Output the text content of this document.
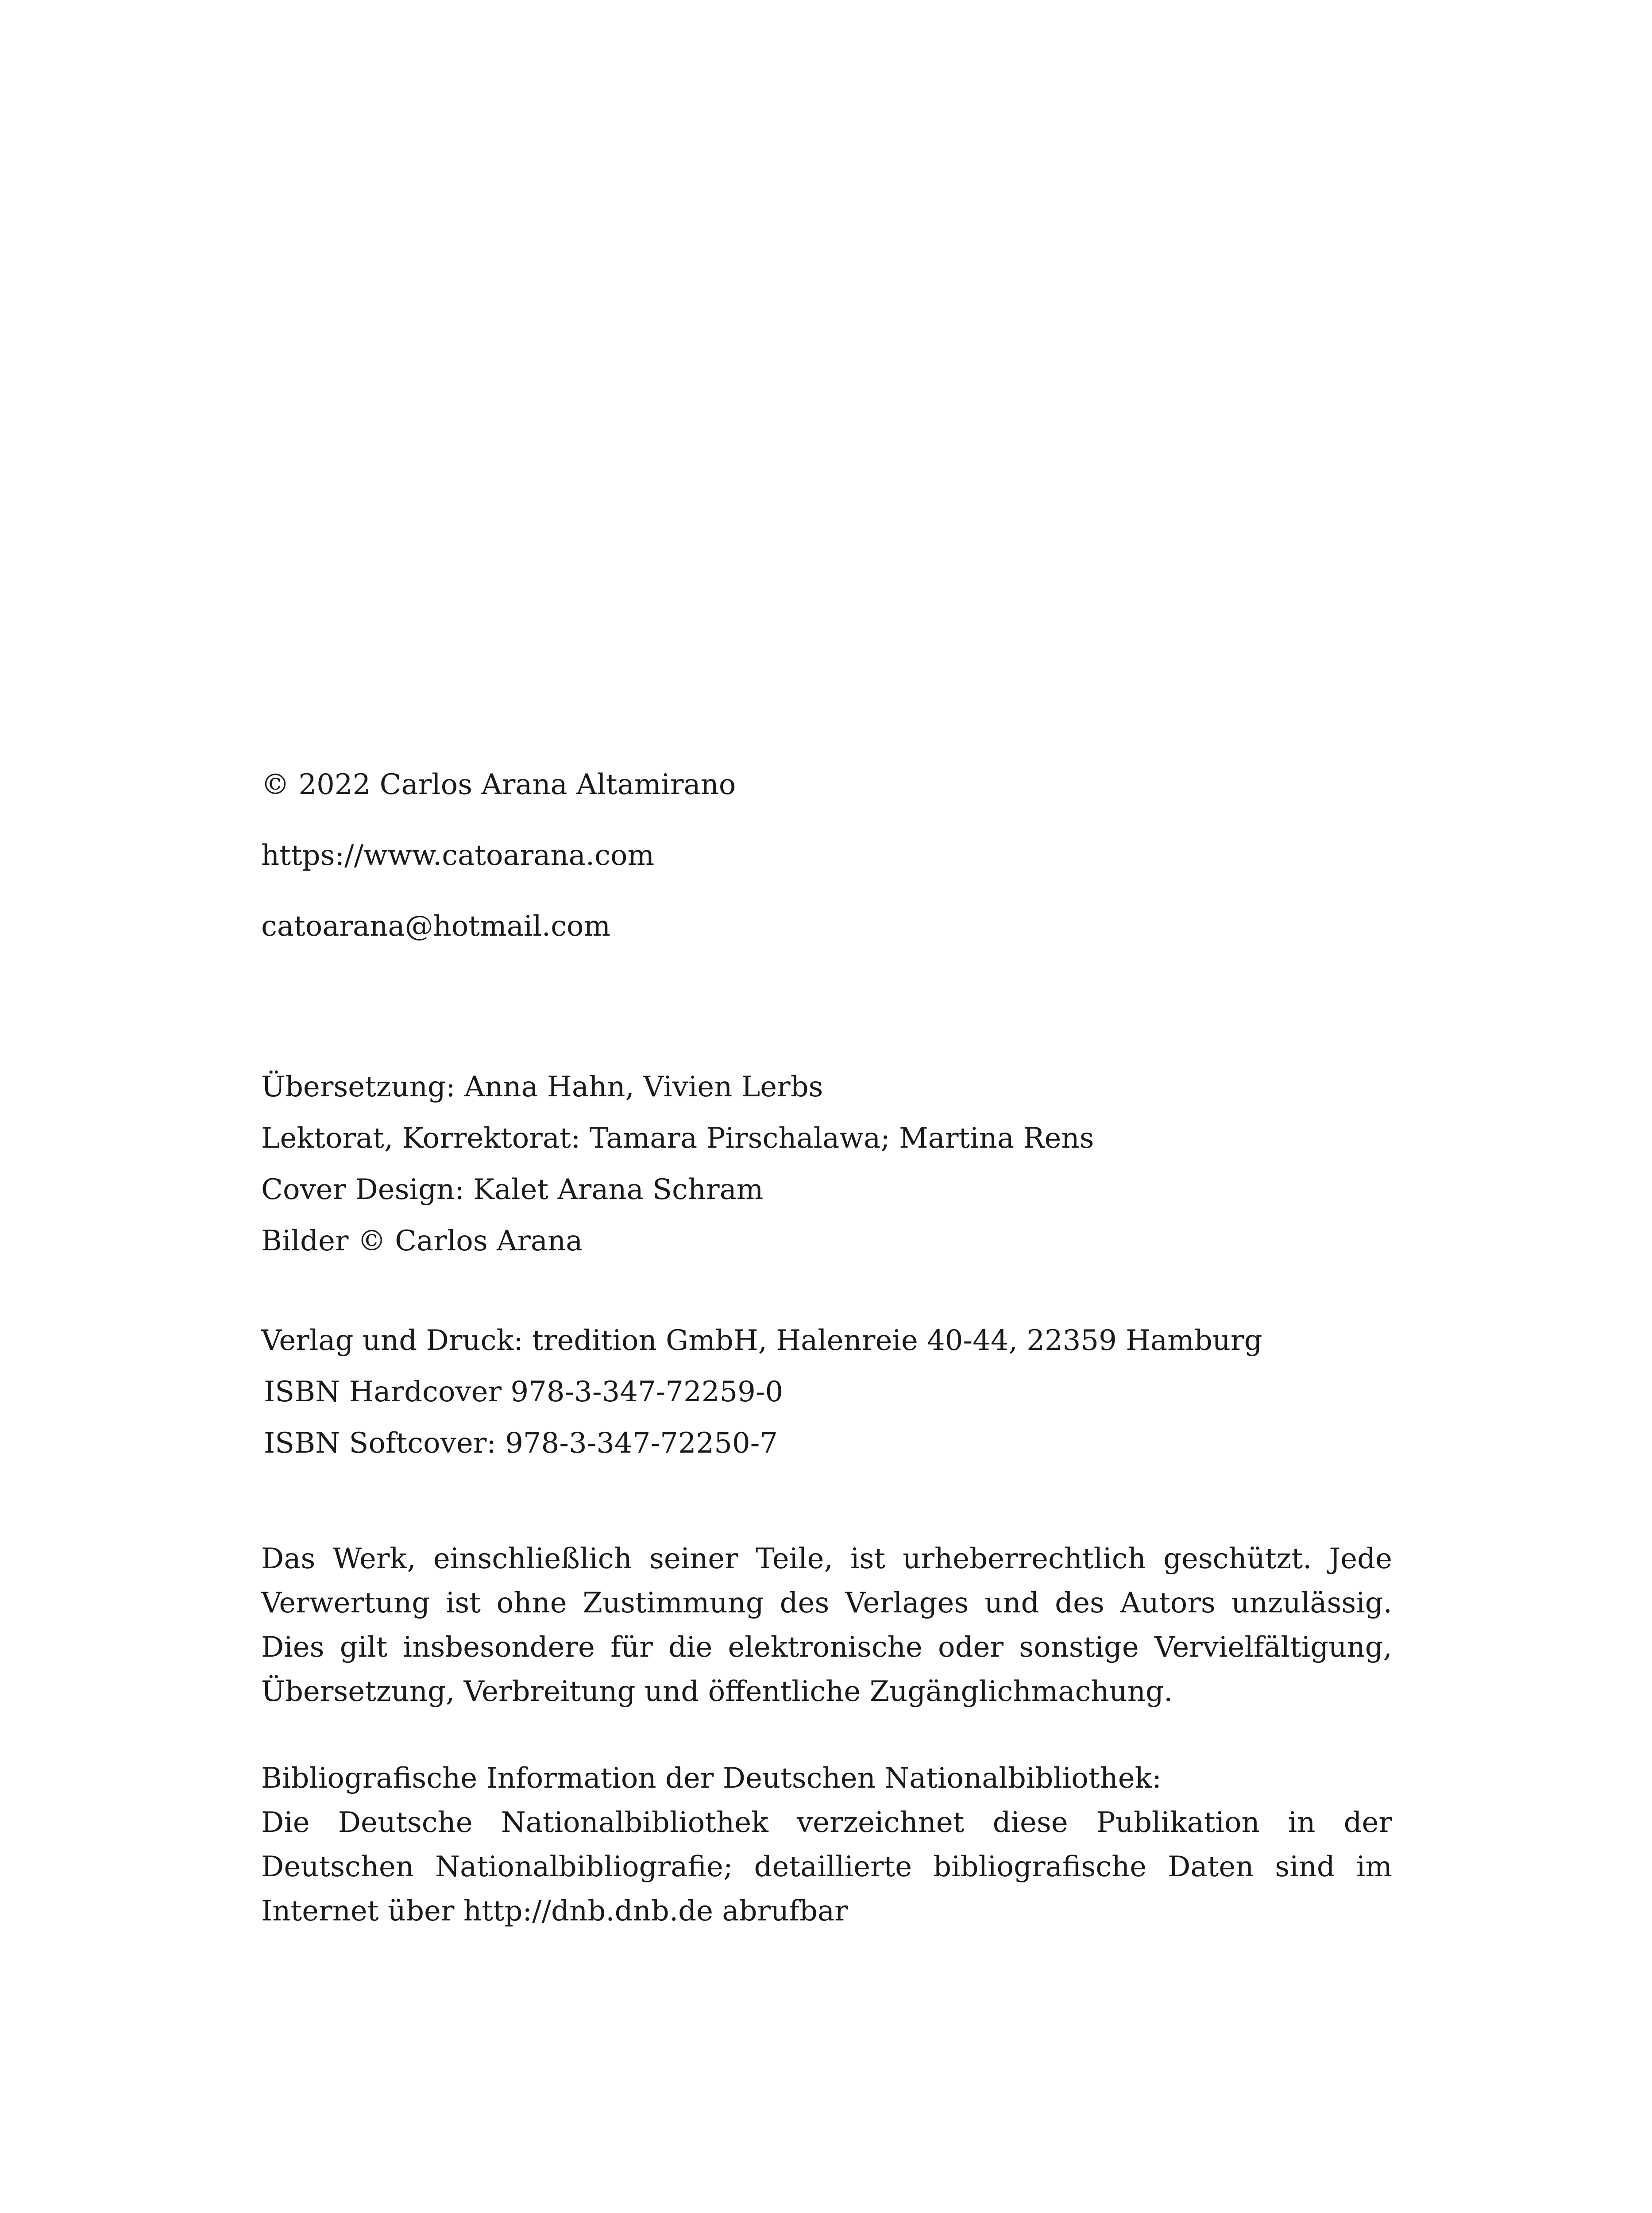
© 2022 Carlos Arana Altamirano
https://www.catoarana.com
catoarana@hotmail.com
Übersetzung: Anna Hahn, Vivien Lerbs
Lektorat, Korrektorat: Tamara Pirschalawa; Martina Rens
Cover Design: Kalet Arana Schram
Bilder © Carlos Arana
Verlag und Druck: tredition GmbH, Halenreie 40-44, 22359 Hamburg
ISBN Hardcover 978-3-347-72259-0
ISBN Softcover: 978-3-347-72250-7

Das Werk, einschließlich seiner Teile, ist urheberrechtlich geschützt. Jede Verwertung ist ohne Zustimmung des Verlages und des Autors unzulässig. Dies gilt insbesondere für die elektronische oder sonstige Vervielfältigung, Übersetzung, Verbreitung und öffentliche Zugänglichmachung.

Bibliografische Information der Deutschen Nationalbibliothek:

Die Deutsche Nationalbibliothek verzeichnet diese Publikation in der Deutschen Nationalbibliografie; detaillierte bibliografische Daten sind im Internet über http://dnb.dnb.de abrufbar
